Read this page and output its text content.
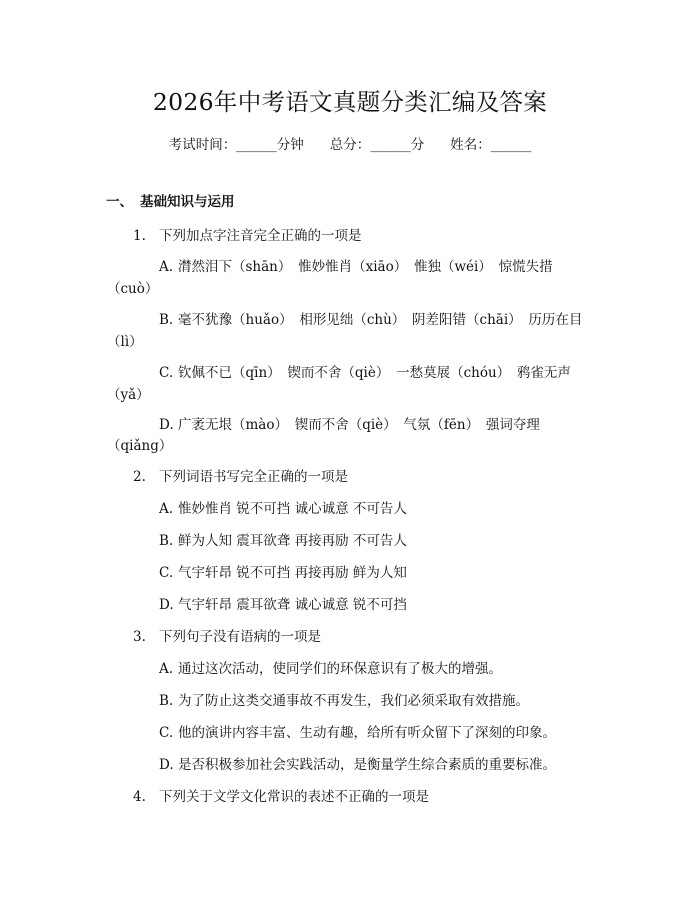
2026年中考语文真题分类汇编及答案
考试时间：______分钟 总分：______分 姓名：______
一、 基础知识与运用
1. 下列加点字注音完全正确的一项是
A. 潸然泪下（shān）　惟妙惟肖（xiāo）　惟独（wéi）　惊慌失措
（cuò）
B. 毫不犹豫（huǎo）　相形见绌（chù）　阴差阳错（chāi）　历历在目
（lì）
C. 钦佩不已（qīn）　锲而不舍（qiè）　一愁莫展（chóu）　鸦雀无声
（yǎ）
D. 广袤无垠（mào）　锲而不舍（qiè）　气氛（fēn）　强词夺理
（qiǎng）
2. 下列词语书写完全正确的一项是
A. 惟妙惟肖 锐不可挡 诚心诚意 不可告人
B. 鲜为人知 震耳欲聋 再接再励 不可告人
C. 气宇轩昂 锐不可挡 再接再励 鲜为人知
D. 气宇轩昂 震耳欲聋 诚心诚意 锐不可挡
3. 下列句子没有语病的一项是
A. 通过这次活动，使同学们的环保意识有了极大的增强。
B. 为了防止这类交通事故不再发生，我们必须采取有效措施。
C. 他的演讲内容丰富、生动有趣，给所有听众留下了深刻的印象。
D. 是否积极参加社会实践活动，是衡量学生综合素质的重要标准。
4. 下列关于文学文化常识的表述不正确的一项是
